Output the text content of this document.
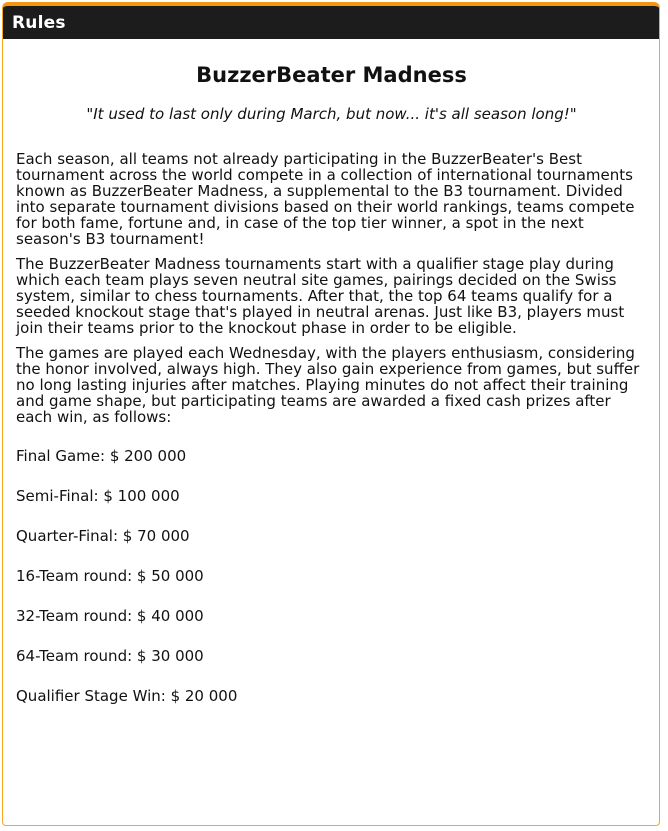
Rules
BuzzerBeater Madness
"It used to last only during March, but now... it's all season long!"

Each season, all teams not already participating in the BuzzerBeater's Best tournament across the world compete in a collection of international tournaments known as BuzzerBeater Madness, a supplemental to the B3 tournament. Divided into separate tournament divisions based on their world rankings, teams compete for both fame, fortune and, in case of the top tier winner, a spot in the next season's B3 tournament!

The BuzzerBeater Madness tournaments start with a qualifier stage play during which each team plays seven neutral site games, pairings decided on the Swiss system, similar to chess tournaments. After that, the top 64 teams qualify for a seeded knockout stage that's played in neutral arenas. Just like B3, players must join their teams prior to the knockout phase in order to be eligible.

The games are played each Wednesday, with the players enthusiasm, considering the honor involved, always high. They also gain experience from games, but suffer no long lasting injuries after matches. Playing minutes do not affect their training and game shape, but participating teams are awarded a fixed cash prizes after each win, as follows:

Final Game: $ 200 000
Semi-Final: $ 100 000
Quarter-Final: $ 70 000
16-Team round: $ 50 000
32-Team round: $ 40 000
64-Team round: $ 30 000
Qualifier Stage Win: $ 20 000
